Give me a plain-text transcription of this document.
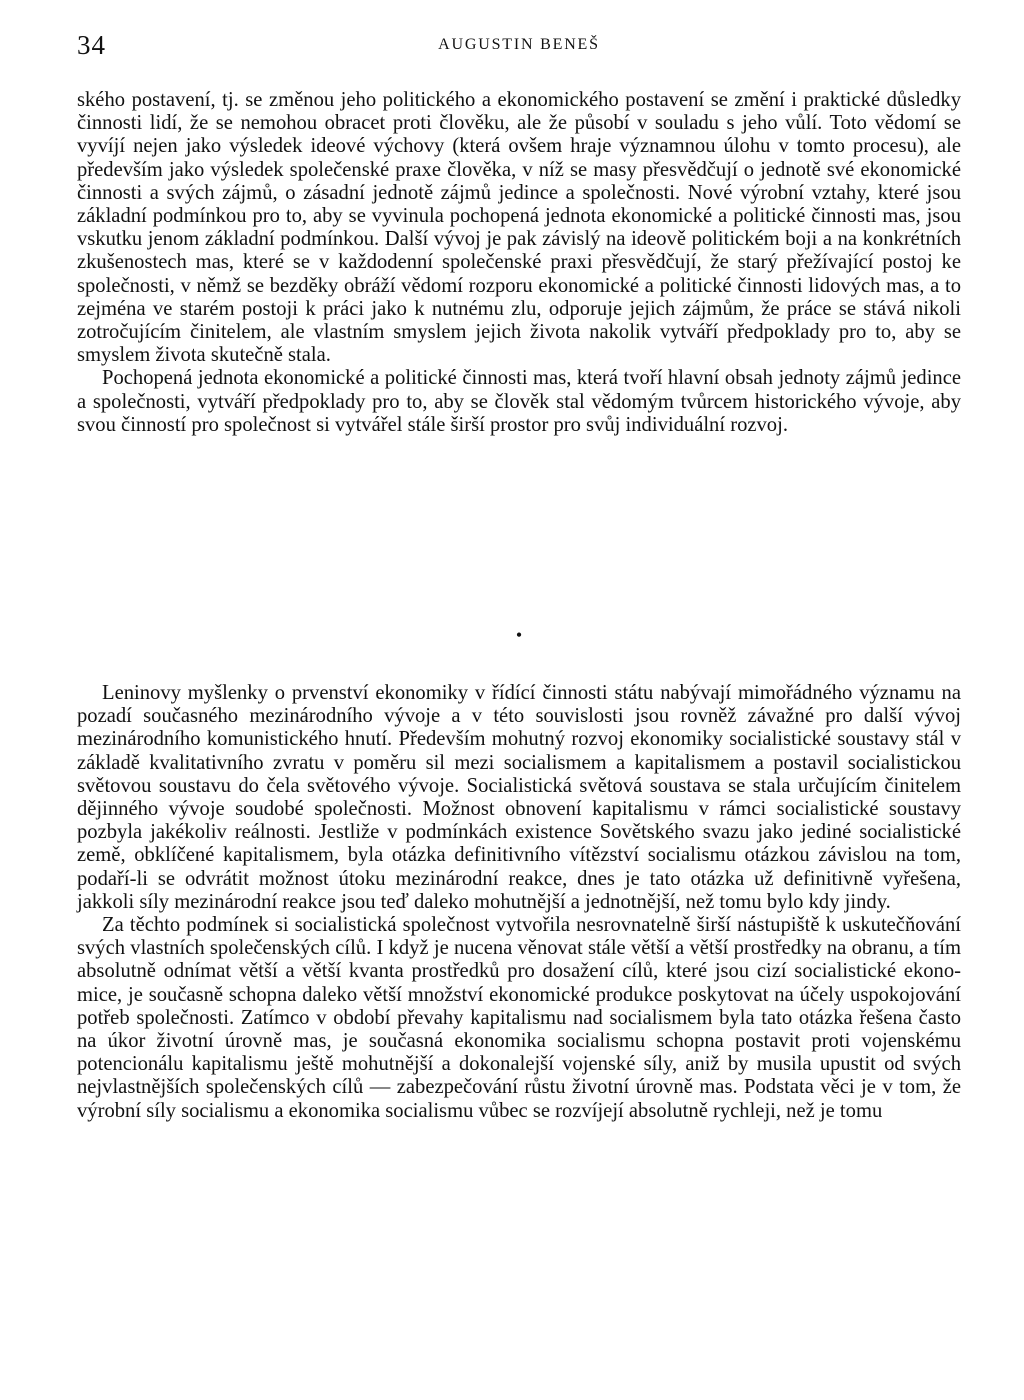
34	AUGUSTIN BENEŠ

ského postavení, tj. se změnou jeho politického a ekonomického postavení se změní i praktické důsledky činnosti lidí, že se nemohou obracet proti člověku, ale že působí v souladu s jeho vůlí. Toto vědomí se vyvíjí nejen jako výsledek ideové výchovy (která ovšem hraje významnou úlohu v tomto procesu), ale především jako výsledek společenské praxe člověka, v níž se masy přesvědčují o jednotě své ekonomické činnosti a svých zájmů, o zásadní jednotě zájmů jedince a společnosti. Nové výrobní vztahy, které jsou základní podmínkou pro to, aby se vyvinula pochopená jednota ekonomické a politické činnosti mas, jsou vskutku jenom základní podmínkou. Další vývoj je pak závislý na ideově politickém boji a na konkrétních zkušenostech mas, které se v každodenní společenské praxi přesvědčují, že starý přežívající postoj ke společnosti, v němž se bezděky obráží vědomí rozporu ekonomické a politické činnosti lidových mas, a to zejména ve starém postoji k práci jako k nutnému zlu, odporuje jejich zájmům, že práce se stává nikoli zotročujícím činitelem, ale vlastním smyslem jejich života nakolik vytváří předpoklady pro to, aby se smyslem života skutečně stala.

Pochopená jednota ekonomické a politické činnosti mas, která tvoří hlavní obsah jednoty zájmů jedince a společnosti, vytváří předpoklady pro to, aby se člověk stal vědomým tvůrcem historického vývoje, aby svou činností pro společnost si vytvářel stále širší prostor pro svůj individuální rozvoj.

•

Leninovy myšlenky o prvenství ekonomiky v řídící činnosti státu nabývají mimořádného významu na pozadí současného mezinárodního vývoje a v této souvislosti jsou rovněž závažné pro další vývoj mezinárodního komunistického hnutí. Především mohutný rozvoj ekonomiky socialistické soustavy stál v základě kvalitativního zvratu v poměru sil mezi socialismem a kapitalismem a postavil socialistickou světovou soustavu do čela světového vývoje. Socialistická světová soustava se stala určujícím činitelem dějinného vývoje soudobé společnosti. Možnost obnovení kapitalismu v rámci socialistické soustavy pozbyla jakékoliv reálnosti. Jestliže v podmínkách existence Sovětského svazu jako jediné socialistické země, obklíčené kapitalismem, byla otázka definitivního vítězství socialismu otázkou závislou na tom, podaří-li se odvrátit možnost útoku mezinárodní reakce, dnes je tato otázka už definitivně vyřešena, jakkoli síly mezinárodní reakce jsou teď daleko mohutnější a jednotnější, než tomu bylo kdy jindy.

Za těchto podmínek si socialistická společnost vytvořila nesrovnatelně širší nástupiště k uskutečňování svých vlastních společenských cílů. I když je nucena věnovat stále větší a větší prostředky na obranu, a tím absolutně odnímat větší a větší kvanta prostředků pro dosažení cílů, které jsou cizí socialistické ekonomice, je současně schopna daleko větší množství ekonomické produkce poskytovat na účely uspokojování potřeb společnosti. Zatímco v období převahy kapitalismu nad socialismem byla tato otázka řešena často na úkor životní úrovně mas, je současná ekonomika socialismu schopna postavit proti vojenskému potencionálu kapitalismu ještě mohutnější a dokonalejší vojenské síly, aniž by musila upustit od svých nejvlastnějších společenských cílů — zabezpečování růstu životní úrovně mas. Podstata věci je v tom, že výrobní síly socialismu a ekonomika socialismu vůbec se rozvíjejí absolutně rychleji, než je tomu
